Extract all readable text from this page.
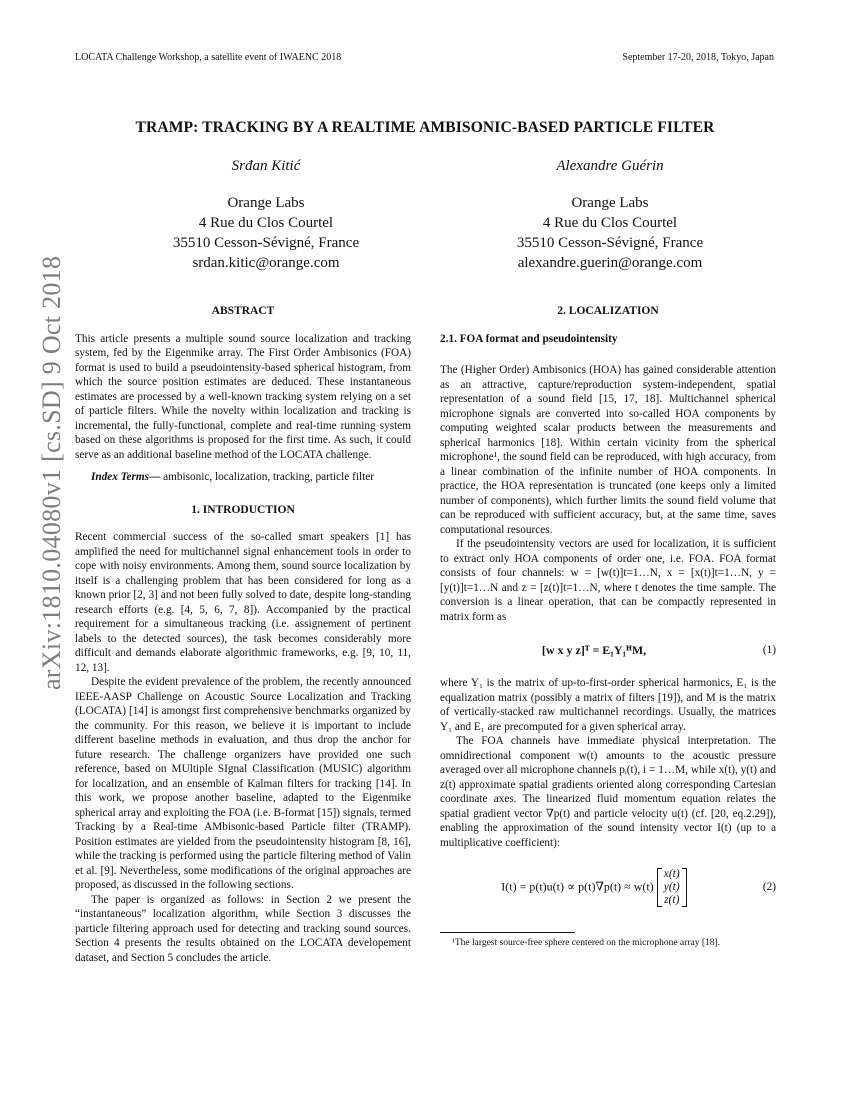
LOCATA Challenge Workshop, a satellite event of IWAENC 2018	September 17-20, 2018, Tokyo, Japan
arXiv:1810.04080v1 [cs.SD] 9 Oct 2018
TRAMP: TRACKING BY A REALTIME AMBISONIC-BASED PARTICLE FILTER
Srđan Kitić
Orange Labs
4 Rue du Clos Courtel
35510 Cesson-Sévigné, France
srdan.kitic@orange.com
Alexandre Guérin
Orange Labs
4 Rue du Clos Courtel
35510 Cesson-Sévigné, France
alexandre.guerin@orange.com
ABSTRACT

This article presents a multiple sound source localization and tracking system, fed by the Eigenmike array. The First Order Ambisonics (FOA) format is used to build a pseudointensity-based spherical histogram, from which the source position estimates are deduced. These instantaneous estimates are processed by a well-known tracking system relying on a set of particle filters. While the novelty within localization and tracking is incremental, the fully-functional, complete and real-time running system based on these algorithms is proposed for the first time. As such, it could serve as an additional baseline method of the LOCATA challenge.

Index Terms— ambisonic, localization, tracking, particle filter

1. INTRODUCTION

Recent commercial success of the so-called smart speakers [1] has amplified the need for multichannel signal enhancement tools in order to cope with noisy environments. Among them, sound source localization by itself is a challenging problem that has been considered for long as a known prior [2, 3] and not been fully solved to date, despite long-standing research efforts (e.g. [4, 5, 6, 7, 8]). Accompanied by the practical requirement for a simultaneous tracking (i.e. assignement of pertinent labels to the detected sources), the task becomes considerably more difficult and demands elaborate algorithmic frameworks, e.g. [9, 10, 11, 12, 13].

Despite the evident prevalence of the problem, the recently announced IEEE-AASP Challenge on Acoustic Source Localization and Tracking (LOCATA) [14] is amongst first comprehensive benchmarks organized by the community. For this reason, we believe it is important to include different baseline methods in evaluation, and thus drop the anchor for future research. The challenge organizers have provided one such reference, based on MUltiple SIgnal Classification (MUSIC) algorithm for localization, and an ensemble of Kalman filters for tracking [14]. In this work, we propose another baseline, adapted to the Eigenmike spherical array and exploiting the FOA (i.e. B-format [15]) signals, termed Tracking by a Real-time AMbisonic-based Particle filter (TRAMP). Position estimates are yielded from the pseudointensity histogram [8, 16], while the tracking is performed using the particle filtering method of Valin et al. [9]. Nevertheless, some modifications of the original approaches are proposed, as discussed in the following sections.

The paper is organized as follows: in Section 2 we present the “instantaneous” localization algorithm, while Section 3 discusses the particle filtering approach used for detecting and tracking sound sources. Section 4 presents the results obtained on the LOCATA developement dataset, and Section 5 concludes the article.

2. LOCALIZATION
2.1. FOA format and pseudointensity

The (Higher Order) Ambisonics (HOA) has gained considerable attention as an attractive, capture/reproduction system-independent, spatial representation of a sound field [15, 17, 18]. Multichannel spherical microphone signals are converted into so-called HOA components by computing weighted scalar products between the measurements and spherical harmonics [18]. Within certain vicinity from the spherical microphone¹, the sound field can be reproduced, with high accuracy, from a linear combination of the infinite number of HOA components. In practice, the HOA representation is truncated (one keeps only a limited number of components), which further limits the sound field volume that can be reproduced with sufficient accuracy, but, at the same time, saves computational resources.

If the pseudointensity vectors are used for localization, it is sufficient to extract only HOA components of order one, i.e. FOA. FOA format consists of four channels: w = [w(t)]t=1…N, x = [x(t)]t=1…N, y = [y(t)]t=1…N and z = [z(t)]t=1…N, where t denotes the time sample. The conversion is a linear operation, that can be compactly represented in matrix form as

[w x y z]ᵀ = E₁Y₁ᴴM,	(1)

where Y₁ is the matrix of up-to-first-order spherical harmonics, E₁ is the equalization matrix (possibly a matrix of filters [19]), and M is the matrix of vertically-stacked raw multichannel recordings. Usually, the matrices Y₁ and E₁ are precomputed for a given spherical array.

The FOA channels have immediate physical interpretation. The omnidirectional component w(t) amounts to the acoustic pressure averaged over all microphone channels pᵢ(t), i = 1…M, while x(t), y(t) and z(t) approximate spatial gradients oriented along corresponding Cartesian coordinate axes. The linearized fluid momentum equation relates the spatial gradient vector ∇p(t) and particle velocity u(t) (cf. [20, eq.2.29]), enabling the approximation of the sound intensity vector I(t) (up to a multiplicative coefficient):

I(t) = p(t)u(t) ∝ p(t)∇p(t) ≈ w(t)
x(t)
y(t)
z(t)
(2)
¹The largest source-free sphere centered on the microphone array [18].
